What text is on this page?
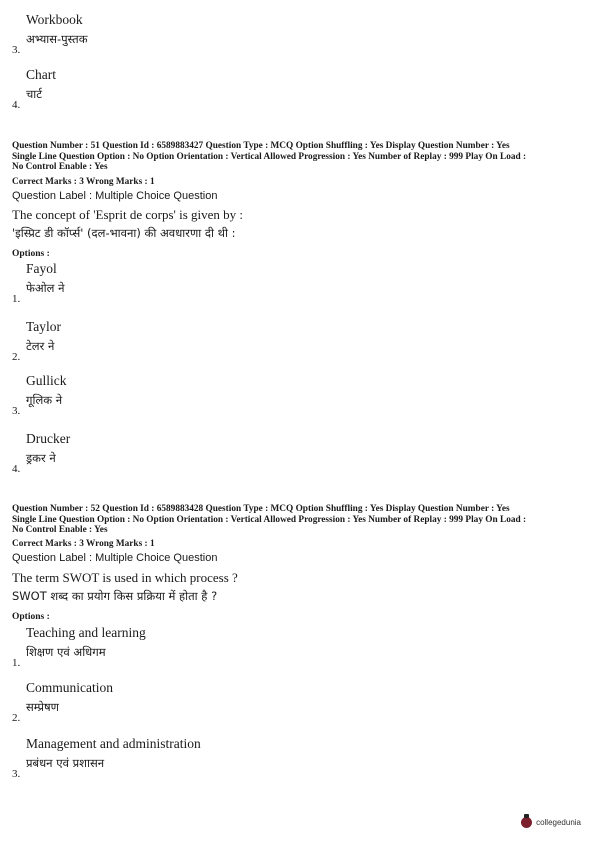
Workbook
अभ्यास-पुस्तक
3.
Chart
चार्ट
4.
Question Number : 51 Question Id : 6589883427 Question Type : MCQ Option Shuffling : Yes Display Question Number : Yes
Single Line Question Option : No Option Orientation : Vertical Allowed Progression : Yes Number of Replay : 999 Play On Load :
No Control Enable : Yes
Correct Marks : 3 Wrong Marks : 1
Question Label : Multiple Choice Question
The concept of 'Esprit de corps' is given by :
'इस्प्रिट डी कॉर्प्स' (दल-भावना) की अवधारणा दी थी :
Options :
Fayol
फेओल ने
1.
Taylor
टेलर ने
2.
Gullick
गूलिक ने
3.
Drucker
ड्रकर ने
4.
Question Number : 52 Question Id : 6589883428 Question Type : MCQ Option Shuffling : Yes Display Question Number : Yes
Single Line Question Option : No Option Orientation : Vertical Allowed Progression : Yes Number of Replay : 999 Play On Load :
No Control Enable : Yes
Correct Marks : 3 Wrong Marks : 1
Question Label : Multiple Choice Question
The term SWOT is used in which process ?
SWOT शब्द का प्रयोग किस प्रक्रिया में होता है ?
Options :
Teaching and learning
शिक्षण एवं अधिगम
1.
Communication
सम्प्रेषण
2.
Management and administration
प्रबंधन एवं प्रशासन
3.
collegedunia
